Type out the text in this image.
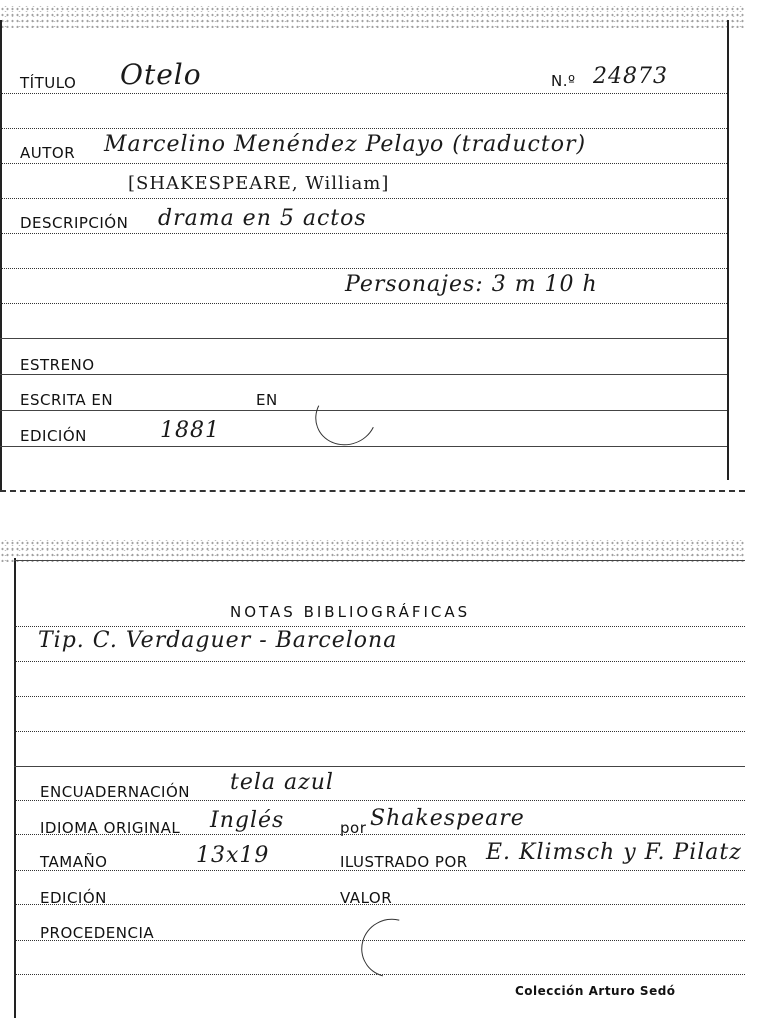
TÍTULO Otelo	N.º 24873
AUTOR Marcelino Menéndez Pelayo (traductor)
[SHAKESPEARE, William]
DESCRIPCIÓN drama en 5 actos
Personajes: 3 m 10 h
ESTRENO
ESCRITA EN	EN
EDICIÓN	1881
NOTAS BIBLIOGRÁFICAS
Tip. C. Verdaguer - Barcelona
ENCUADERNACIÓN tela azul
IDIOMA ORIGINAL Inglés	por Shakespeare
TAMAÑO	13x19	ILUSTRADO POR E. Klimsch y F. Pilatz
EDICIÓN	VALOR
PROCEDENCIA
Colección Arturo Sedó
